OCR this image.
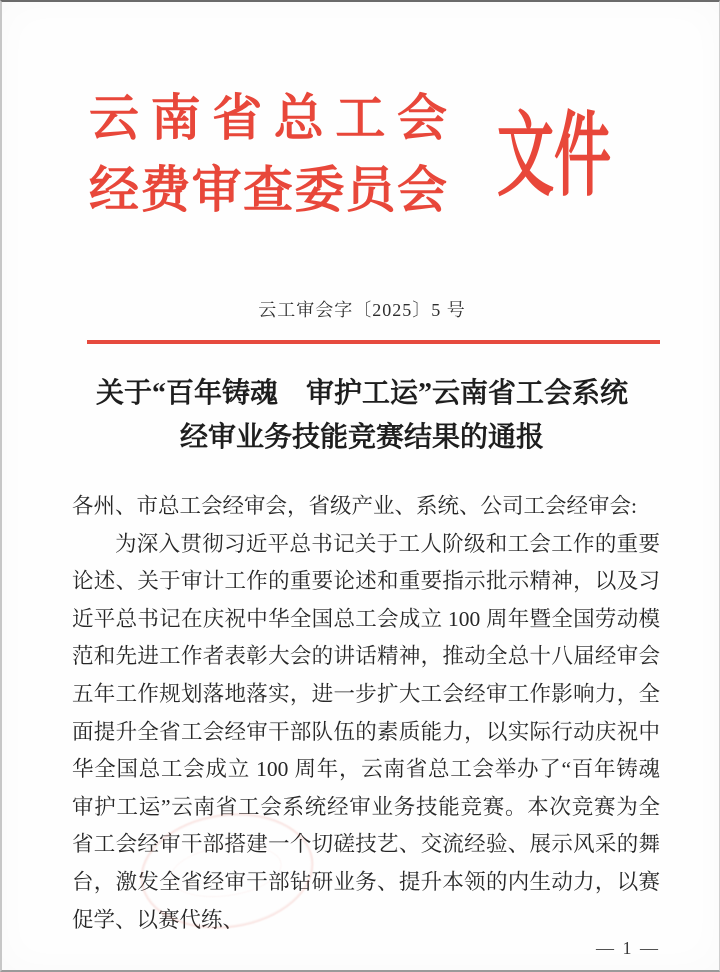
云南省总工会
经费审查委员会 文件
云工审会字〔2025〕5 号
关于“百年铸魂　审护工运”云南省工会系统
经审业务技能竞赛结果的通报
各州、市总工会经审会，省级产业、系统、公司工会经审会:
为深入贯彻习近平总书记关于工人阶级和工会工作的重要论述、关于审计工作的重要论述和重要指示批示精神，以及习近平总书记在庆祝中华全国总工会成立 100 周年暨全国劳动模范和先进工作者表彰大会的讲话精神，推动全总十八届经审会五年工作规划落地落实，进一步扩大工会经审工作影响力，全面提升全省工会经审干部队伍的素质能力，以实际行动庆祝中华全国总工会成立 100 周年，云南省总工会举办了“百年铸魂　审护工运”云南省工会系统经审业务技能竞赛。本次竞赛为全省工会经审干部搭建一个切磋技艺、交流经验、展示风采的舞台，激发全省经审干部钻研业务、提升本领的内生动力，以赛促学、以赛代练、
— 1 —
